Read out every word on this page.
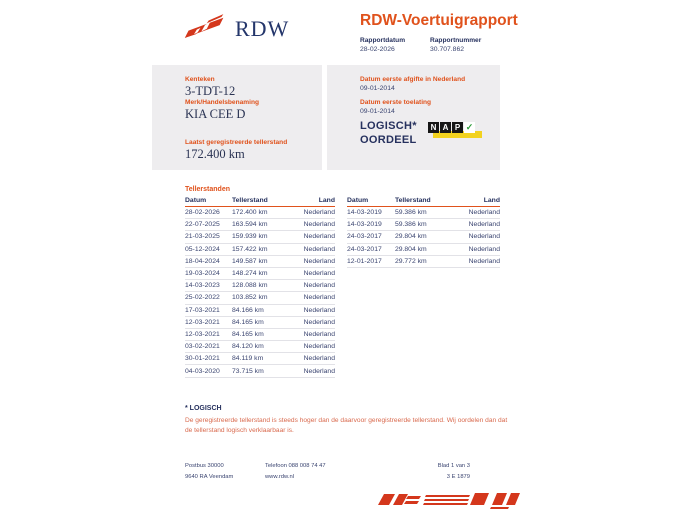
RDW	RDW-Voertuigrapport
Rapportdatum
28-02-2026
Rapportnummer
30.707.862
Kenteken
3-TDT-12
Merk/Handelsbenaming
KIA CEE D
Laatst geregistreerde tellerstand
172.400 km
Datum eerste afgifte in Nederland
09-01-2014
Datum eerste toelating
09-01-2014
LOGISCH*
OORDEEL
N A P ✓
Tellerstanden
Datum	Tellerstand	Land
28-02-2026	172.400 km	Nederland
22-07-2025	163.594 km	Nederland
21-03-2025	159.939 km	Nederland
05-12-2024	157.422 km	Nederland
18-04-2024	149.587 km	Nederland
19-03-2024	148.274 km	Nederland
14-03-2023	128.088 km	Nederland
25-02-2022	103.852 km	Nederland
17-03-2021	84.166 km	Nederland
12-03-2021	84.165 km	Nederland
12-03-2021	84.165 km	Nederland
03-02-2021	84.120 km	Nederland
30-01-2021	84.119 km	Nederland
04-03-2020	73.715 km	Nederland
Datum	Tellerstand	Land
14-03-2019	59.386 km	Nederland
14-03-2019	59.386 km	Nederland
24-03-2017	29.804 km	Nederland
24-03-2017	29.804 km	Nederland
12-01-2017	29.772 km	Nederland
* LOGISCH
De geregistreerde tellerstand is steeds hoger dan de daarvoor geregistreerde tellerstand. Wij oordelen dan dat de tellerstand logisch verklaarbaar is.
Postbus 30000
9640 RA Veendam
Telefoon 088 008 74 47
www.rdw.nl
Blad 1 van 3
3 E 1879
